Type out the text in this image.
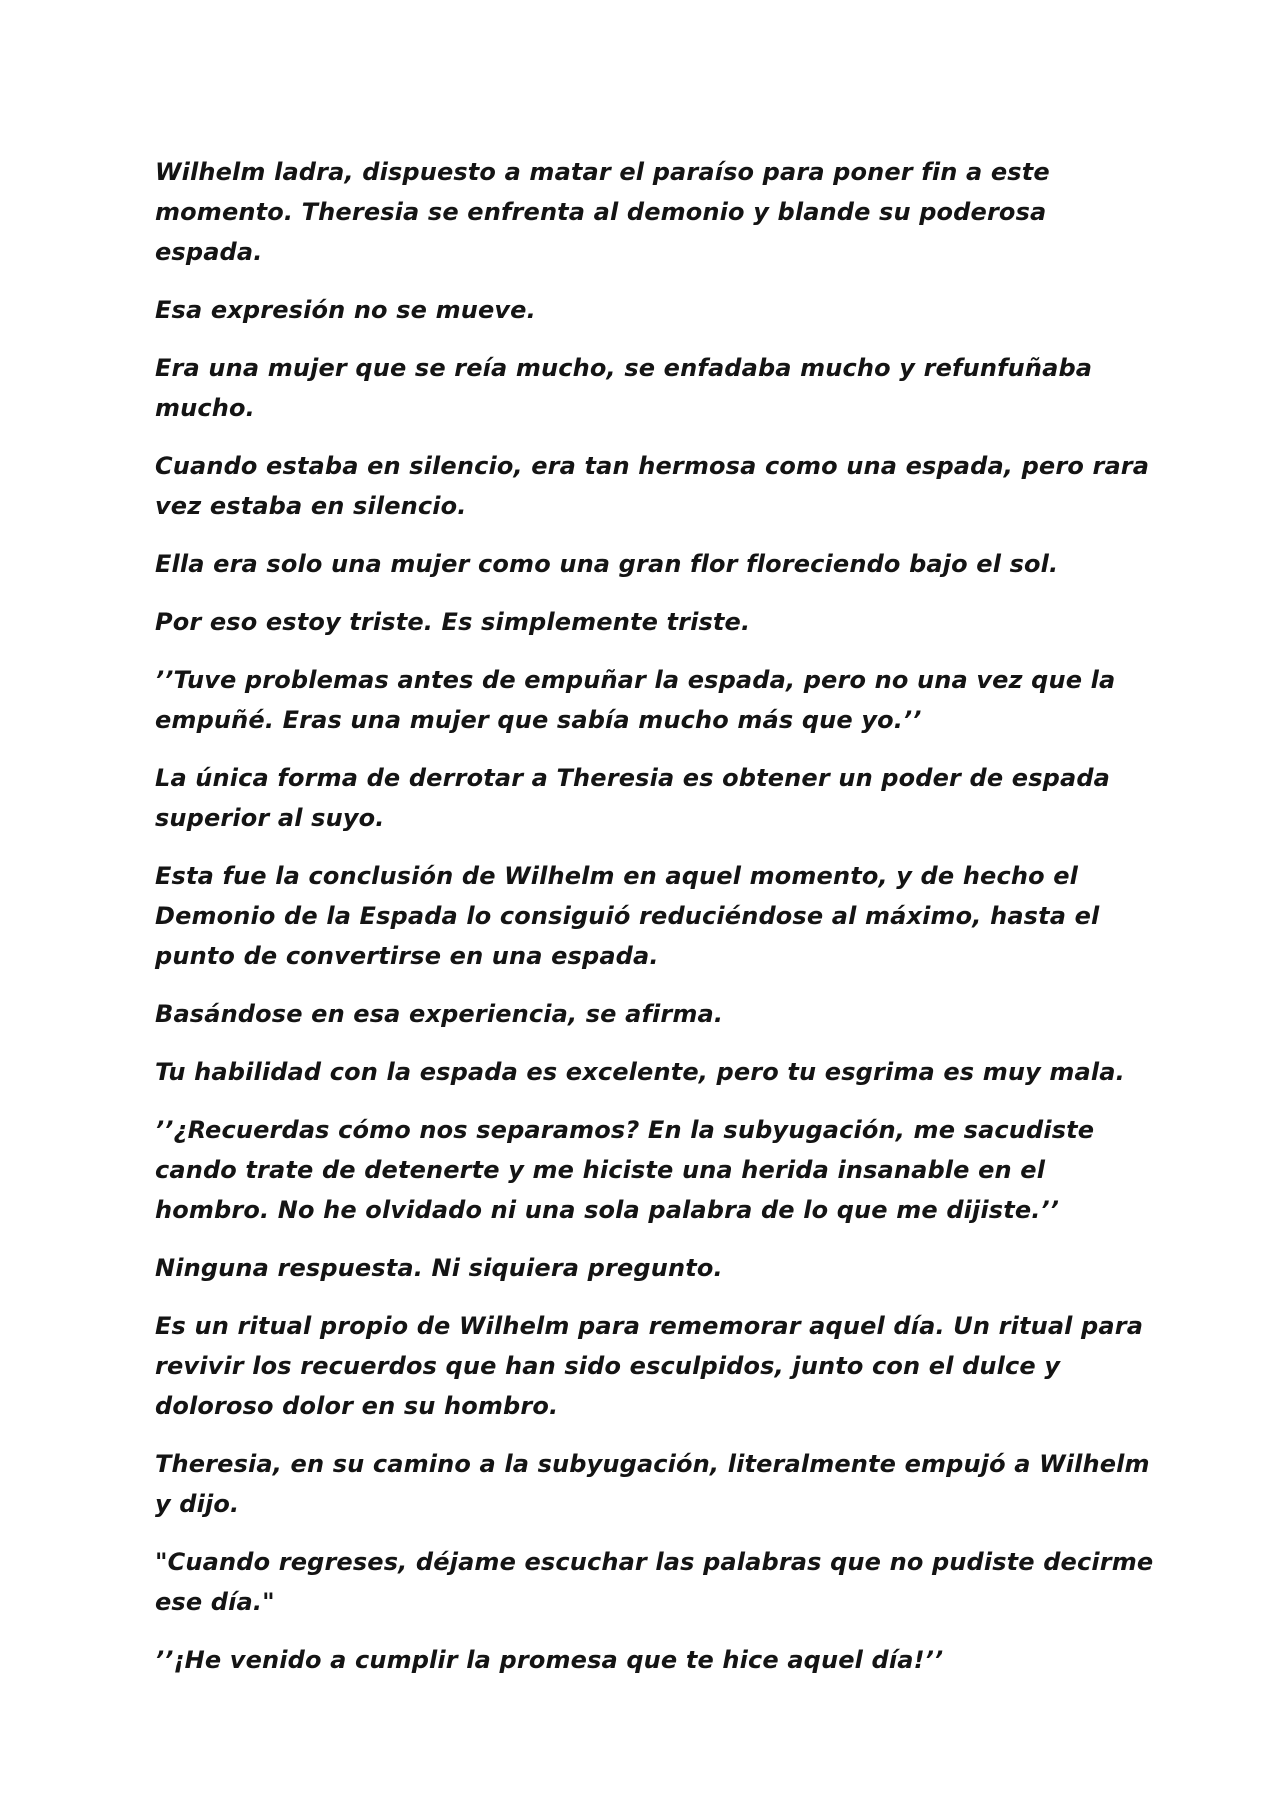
Wilhelm ladra, dispuesto a matar el paraíso para poner fin a este momento. Theresia se enfrenta al demonio y blande su poderosa espada.

Esa expresión no se mueve.

Era una mujer que se reía mucho, se enfadaba mucho y refunfuñaba mucho.

Cuando estaba en silencio, era tan hermosa como una espada, pero rara vez estaba en silencio.

Ella era solo una mujer como una gran flor floreciendo bajo el sol.

Por eso estoy triste. Es simplemente triste.

’’Tuve problemas antes de empuñar la espada, pero no una vez que la empuñé. Eras una mujer que sabía mucho más que yo.’’

La única forma de derrotar a Theresia es obtener un poder de espada superior al suyo.

Esta fue la conclusión de Wilhelm en aquel momento, y de hecho el Demonio de la Espada lo consiguió reduciéndose al máximo, hasta el punto de convertirse en una espada.

Basándose en esa experiencia, se afirma.

Tu habilidad con la espada es excelente, pero tu esgrima es muy mala.

’’¿Recuerdas cómo nos separamos? En la subyugación, me sacudiste cando trate de detenerte y me hiciste una herida insanable en el hombro. No he olvidado ni una sola palabra de lo que me dijiste.’’

Ninguna respuesta. Ni siquiera pregunto.

Es un ritual propio de Wilhelm para rememorar aquel día. Un ritual para revivir los recuerdos que han sido esculpidos, junto con el dulce y doloroso dolor en su hombro.

Theresia, en su camino a la subyugación, literalmente empujó a Wilhelm y dijo.

"Cuando regreses, déjame escuchar las palabras que no pudiste decirme ese día."

’’¡He venido a cumplir la promesa que te hice aquel día!’’
